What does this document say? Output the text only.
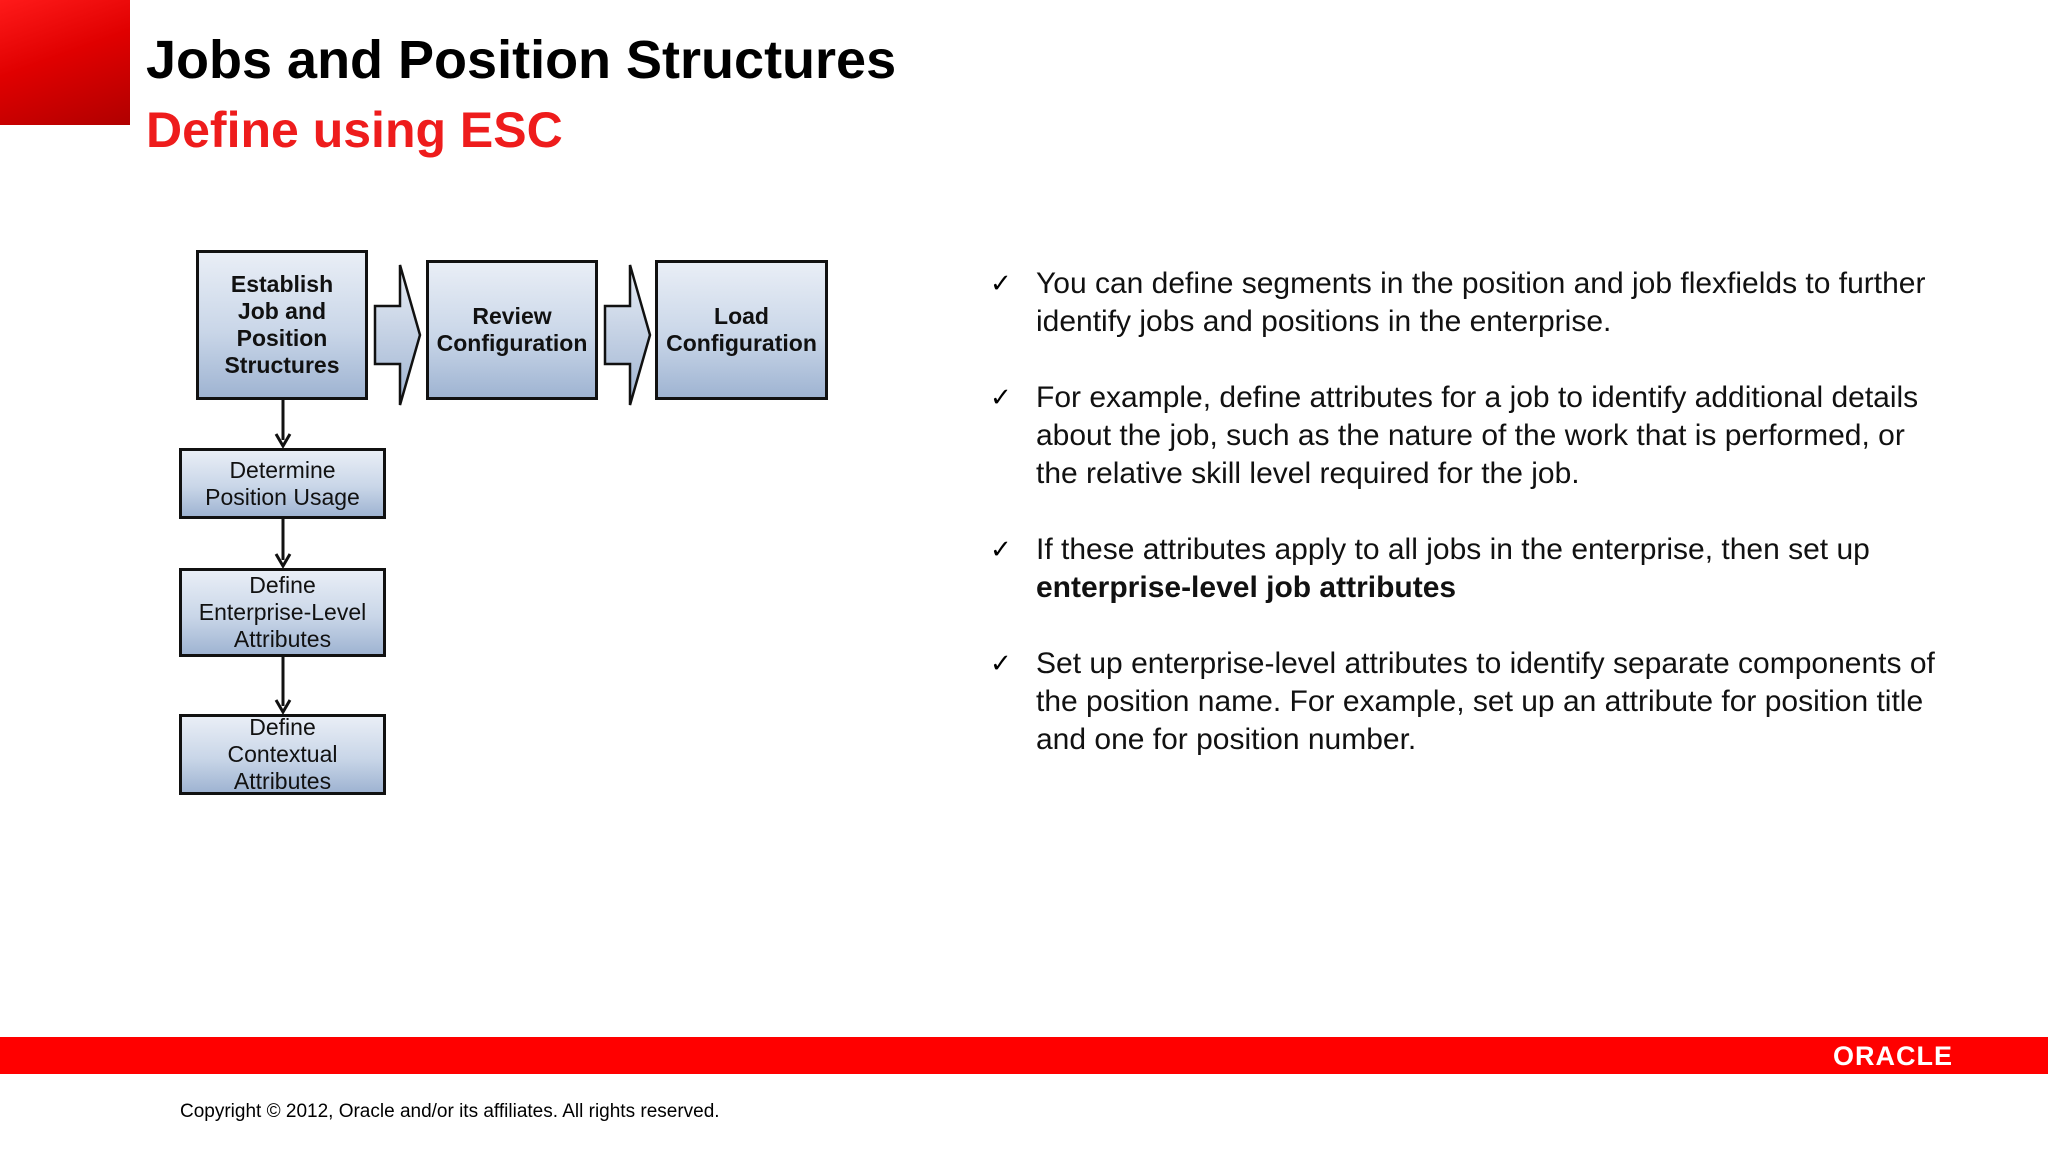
Jobs and Position Structures
Define using ESC
Establish
Job and
Position
Structures
Review
Configuration
Load
Configuration
Determine
Position Usage
Define
Enterprise-Level
Attributes
Define
Contextual
Attributes
✓ You can define segments in the position and job flexfields to further identify jobs and positions in the enterprise.
✓ For example, define attributes for a job to identify additional details about the job, such as the nature of the work that is performed, or the relative skill level required for the job.
✓ If these attributes apply to all jobs in the enterprise, then set up enterprise-level job attributes
✓ Set up enterprise-level attributes to identify separate components of the position name. For example, set up an attribute for position title and one for position number.
ORACLE
Copyright © 2012, Oracle and/or its affiliates. All rights reserved.
